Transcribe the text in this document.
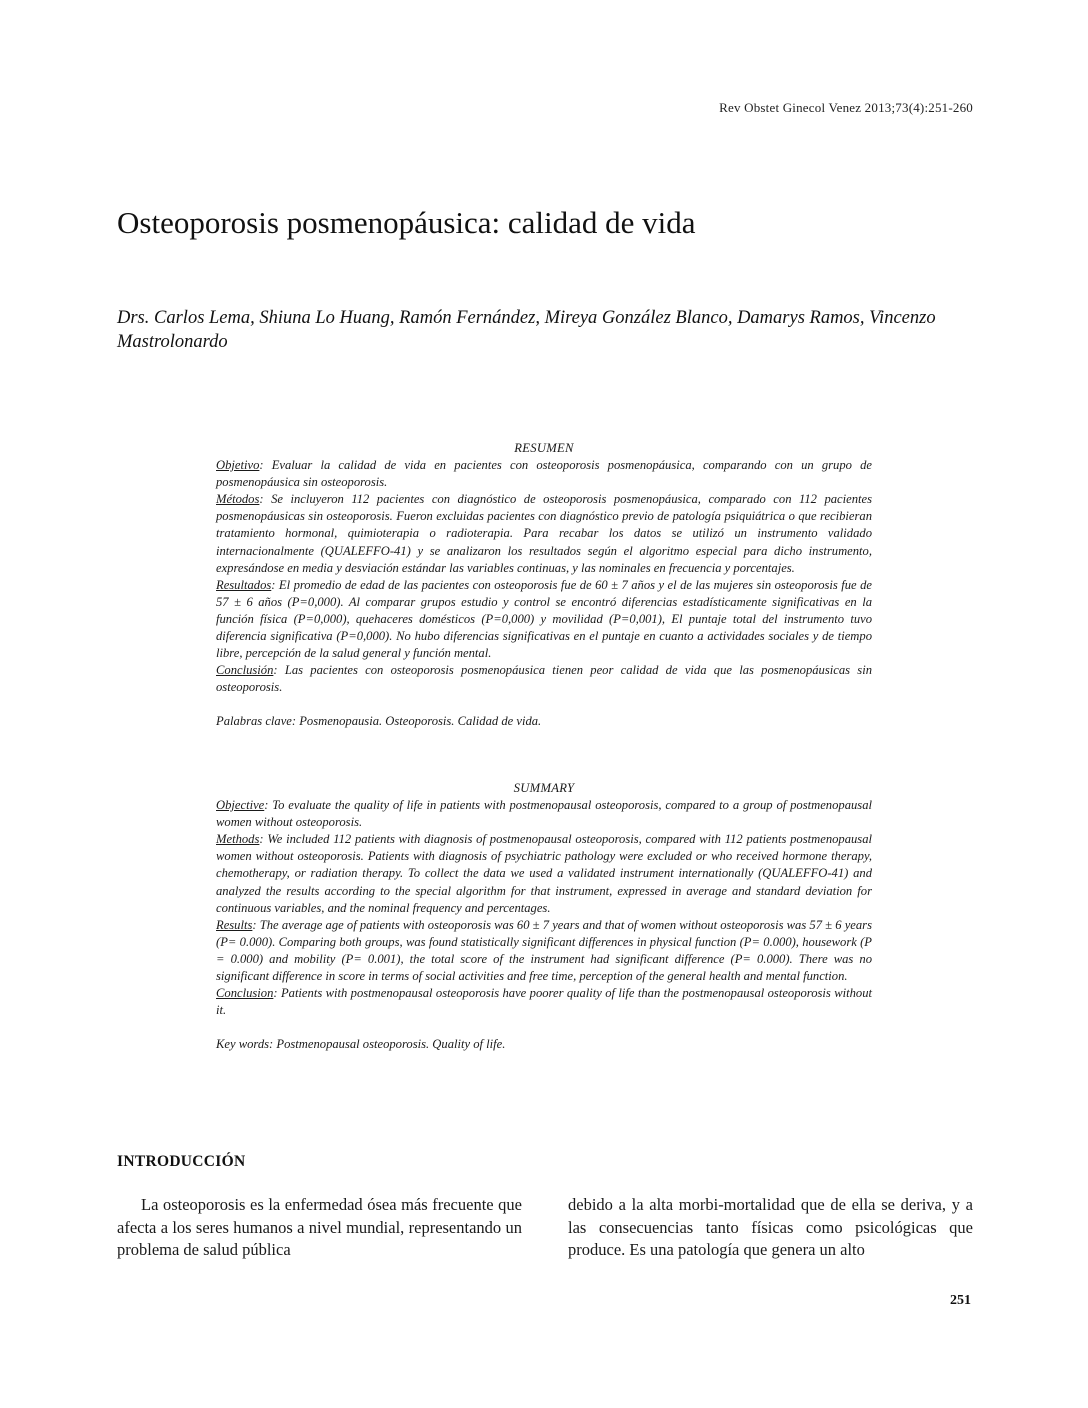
Rev Obstet Ginecol Venez 2013;73(4):251-260
Osteoporosis posmenopáusica: calidad de vida

Drs. Carlos Lema, Shiuna Lo Huang, Ramón Fernández, Mireya González Blanco, Damarys Ramos, Vincenzo Mastrolonardo

RESUMEN

Objetivo: Evaluar la calidad de vida en pacientes con osteoporosis posmenopáusica, comparando con un grupo de posmenopáusica sin osteoporosis.

Métodos: Se incluyeron 112 pacientes con diagnóstico de osteoporosis posmenopáusica, comparado con 112 pacientes posmenopáusicas sin osteoporosis. Fueron excluidas pacientes con diagnóstico previo de patología psiquiátrica o que recibieran tratamiento hormonal, quimioterapia o radioterapia. Para recabar los datos se utilizó un instrumento validado internacionalmente (QUALEFFO-41) y se analizaron los resultados según el algoritmo especial para dicho instrumento, expresándose en media y desviación estándar las variables continuas, y las nominales en frecuencia y porcentajes.

Resultados: El promedio de edad de las pacientes con osteoporosis fue de 60 ± 7 años y el de las mujeres sin osteoporosis fue de 57 ± 6 años (P=0,000). Al comparar grupos estudio y control se encontró diferencias estadísticamente significativas en la función física (P=0,000), quehaceres domésticos (P=0,000) y movilidad (P=0,001), El puntaje total del instrumento tuvo diferencia significativa (P=0,000). No hubo diferencias significativas en el puntaje en cuanto a actividades sociales y de tiempo libre, percepción de la salud general y función mental.

Conclusión: Las pacientes con osteoporosis posmenopáusica tienen peor calidad de vida que las posmenopáusicas sin osteoporosis.

Palabras clave: Posmenopausia. Osteoporosis. Calidad de vida.

SUMMARY

Objective: To evaluate the quality of life in patients with postmenopausal osteoporosis, compared to a group of postmenopausal women without osteoporosis.

Methods: We included 112 patients with diagnosis of postmenopausal osteoporosis, compared with 112 patients postmenopausal women without osteoporosis. Patients with diagnosis of psychiatric pathology were excluded or who received hormone therapy, chemotherapy, or radiation therapy. To collect the data we used a validated instrument internationally (QUALEFFO-41) and analyzed the results according to the special algorithm for that instrument, expressed in average and standard deviation for continuous variables, and the nominal frequency and percentages.

Results: The average age of patients with osteoporosis was 60 ± 7 years and that of women without osteoporosis was 57 ± 6 years (P= 0.000). Comparing both groups, was found statistically significant differences in physical function (P= 0.000), housework (P = 0.000) and mobility (P= 0.001), the total score of the instrument had significant difference (P= 0.000). There was no significant difference in score in terms of social activities and free time, perception of the general health and mental function.

Conclusion: Patients with postmenopausal osteoporosis have poorer quality of life than the postmenopausal osteoporosis without it.

Key words: Postmenopausal osteoporosis. Quality of life.

INTRODUCCIÓN

La osteoporosis es la enfermedad ósea más frecuente que afecta a los seres humanos a nivel mundial, representando un problema de salud pública

debido a la alta morbi-mortalidad que de ella se deriva, y a las consecuencias tanto físicas como psicológicas que produce. Es una patología que genera un alto

251
